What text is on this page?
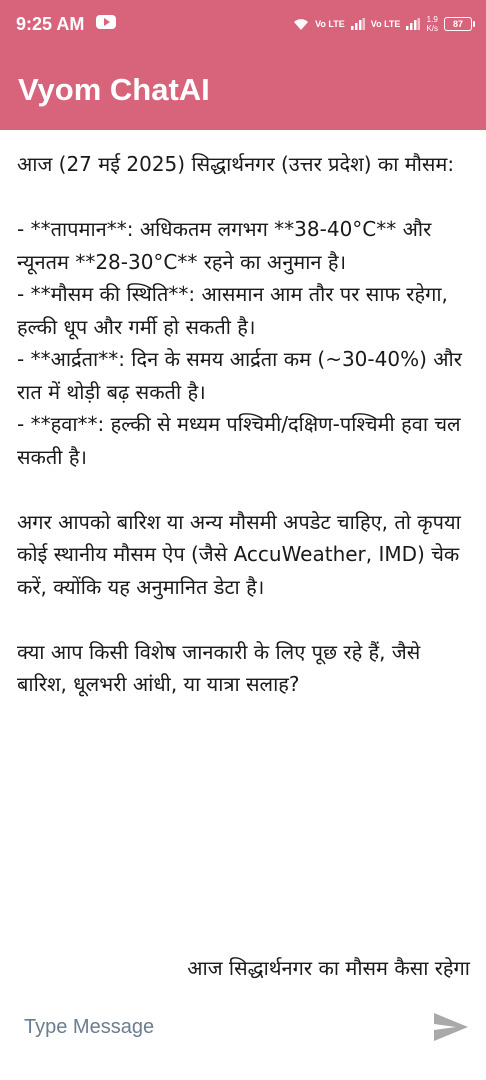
9:25 AM	Vo LTE	Vo LTE	1.9
K/s	87
Vyom ChatAI

आज (27 मई 2025) सिद्धार्थनगर (उत्तर प्रदेश) का मौसम:

- **तापमान**: अधिकतम लगभग **38-40°C** और न्यूनतम **28-30°C** रहने का अनुमान है।
- **मौसम की स्थिति**: आसमान आम तौर पर साफ रहेगा, हल्की धूप और गर्मी हो सकती है।
- **आर्द्रता**: दिन के समय आर्द्रता कम (~30-40%) और रात में थोड़ी बढ़ सकती है।
- **हवा**: हल्की से मध्यम पश्चिमी/दक्षिण-पश्चिमी हवा चल सकती है।

अगर आपको बारिश या अन्य मौसमी अपडेट चाहिए, तो कृपया कोई स्थानीय मौसम ऐप (जैसे AccuWeather, IMD) चेक करें, क्योंकि यह अनुमानित डेटा है।

क्या आप किसी विशेष जानकारी के लिए पूछ रहे हैं, जैसे बारिश, धूलभरी आंधी, या यात्रा सलाह?

आज सिद्धार्थनगर का मौसम कैसा रहेगा
Type Message
